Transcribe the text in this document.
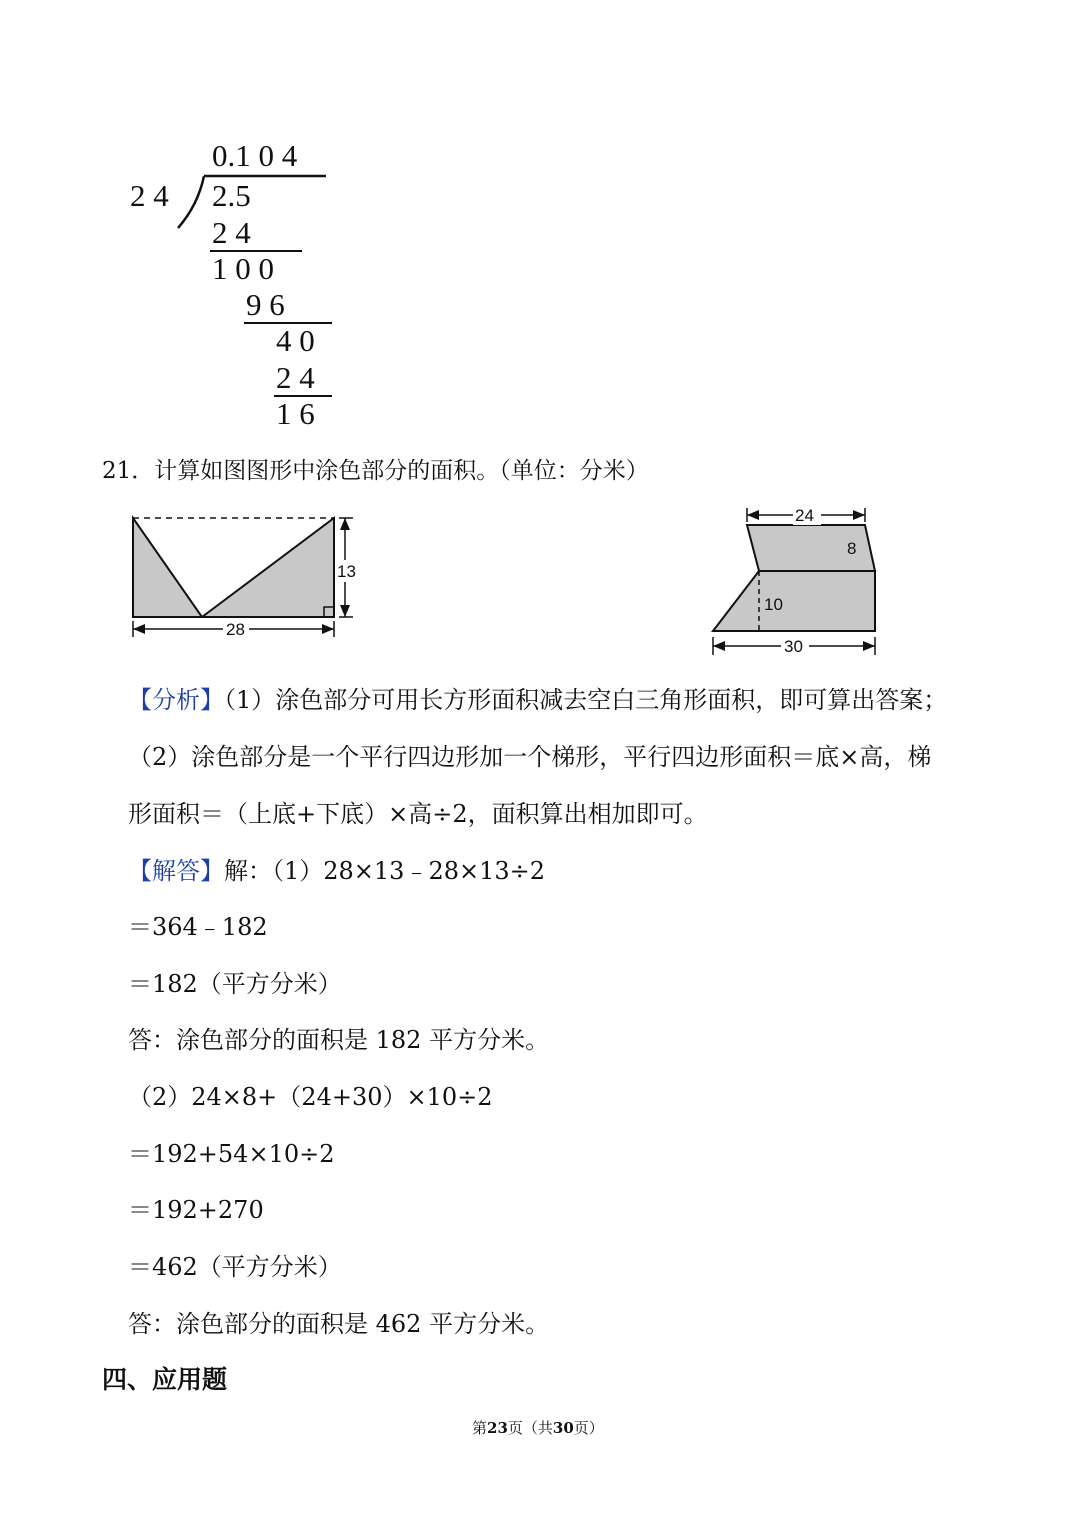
0.1 0 4
2 4 2.5
2 4
1 0 0
9 6
4 0
2 4
1 6
21．计算如图图形中涂色部分的面积。（单位：分米）
13
28
10
8
24
30
【分析】（1）涂色部分可用长方形面积减去空白三角形面积，即可算出答案；
（2）涂色部分是一个平行四边形加一个梯形，平行四边形面积＝底×高，梯
形面积＝（上底+下底）×高÷2，面积算出相加即可。
【解答】解：（1）28×13﹣28×13÷2
＝364﹣182
＝182（平方分米）
答：涂色部分的面积是 182 平方分米。
（2）24×8+（24+30）×10÷2
＝192+54×10÷2
＝192+270
＝462（平方分米）
答：涂色部分的面积是 462 平方分米。
四、应用题
第23页（共30页）
